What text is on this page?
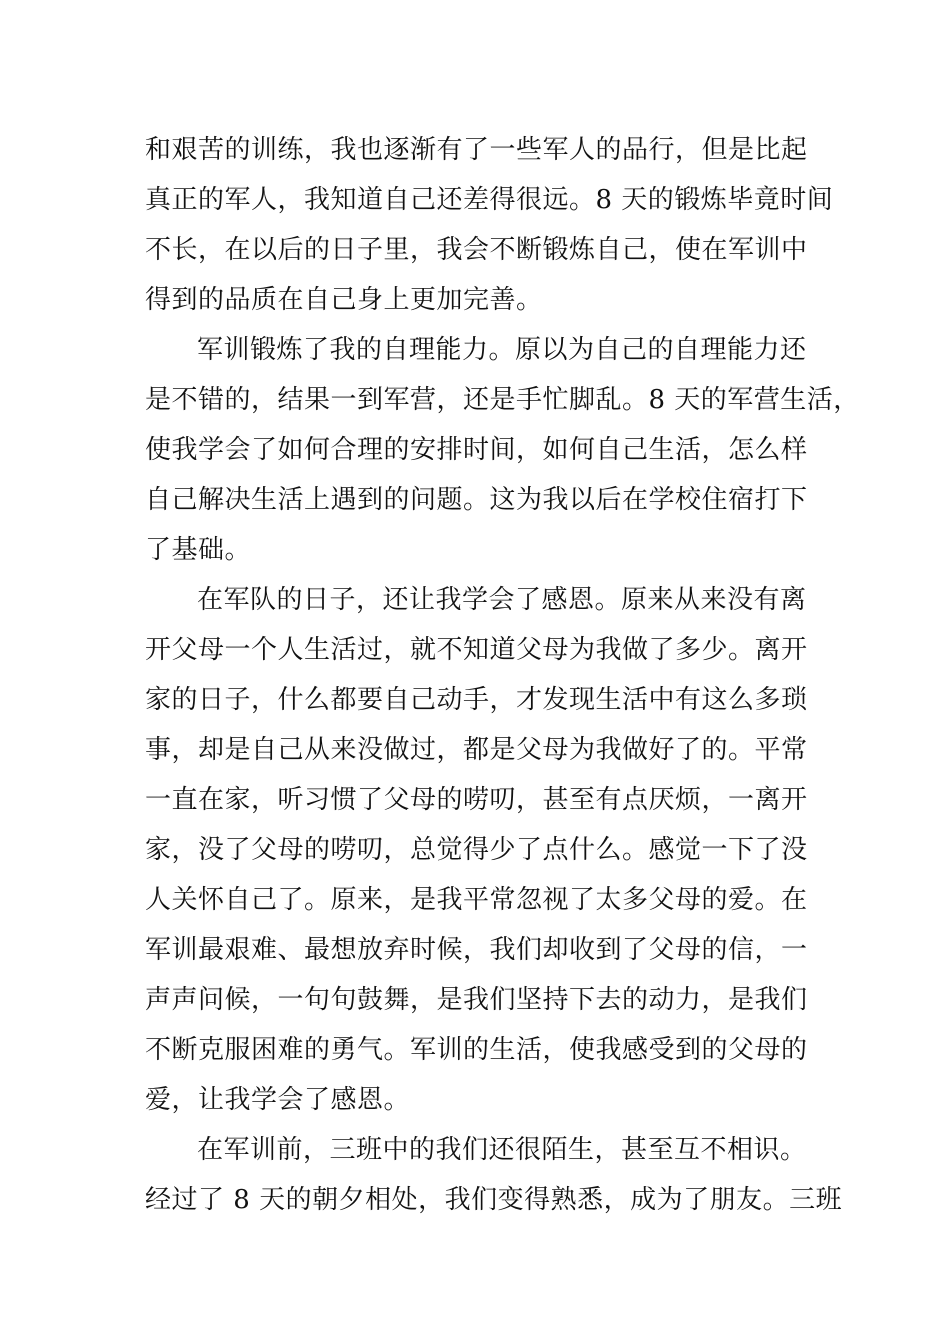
和艰苦的训练，我也逐渐有了一些军人的品行，但是比起
真正的军人，我知道自己还差得很远。8 天的锻炼毕竟时间
不长，在以后的日子里，我会不断锻炼自己，使在军训中
得到的品质在自己身上更加完善。
军训锻炼了我的自理能力。原以为自己的自理能力还
是不错的，结果一到军营，还是手忙脚乱。8 天的军营生活，
使我学会了如何合理的安排时间，如何自己生活，怎么样
自己解决生活上遇到的问题。这为我以后在学校住宿打下
了基础。
在军队的日子，还让我学会了感恩。原来从来没有离
开父母一个人生活过，就不知道父母为我做了多少。离开
家的日子，什么都要自己动手，才发现生活中有这么多琐
事，却是自己从来没做过，都是父母为我做好了的。平常
一直在家，听习惯了父母的唠叨，甚至有点厌烦，一离开
家，没了父母的唠叨，总觉得少了点什么。感觉一下了没
人关怀自己了。原来，是我平常忽视了太多父母的爱。在
军训最艰难、最想放弃时候，我们却收到了父母的信，一
声声问候，一句句鼓舞，是我们坚持下去的动力，是我们
不断克服困难的勇气。军训的生活，使我感受到的父母的
爱，让我学会了感恩。
在军训前，三班中的我们还很陌生，甚至互不相识。
经过了 8 天的朝夕相处，我们变得熟悉，成为了朋友。三班
